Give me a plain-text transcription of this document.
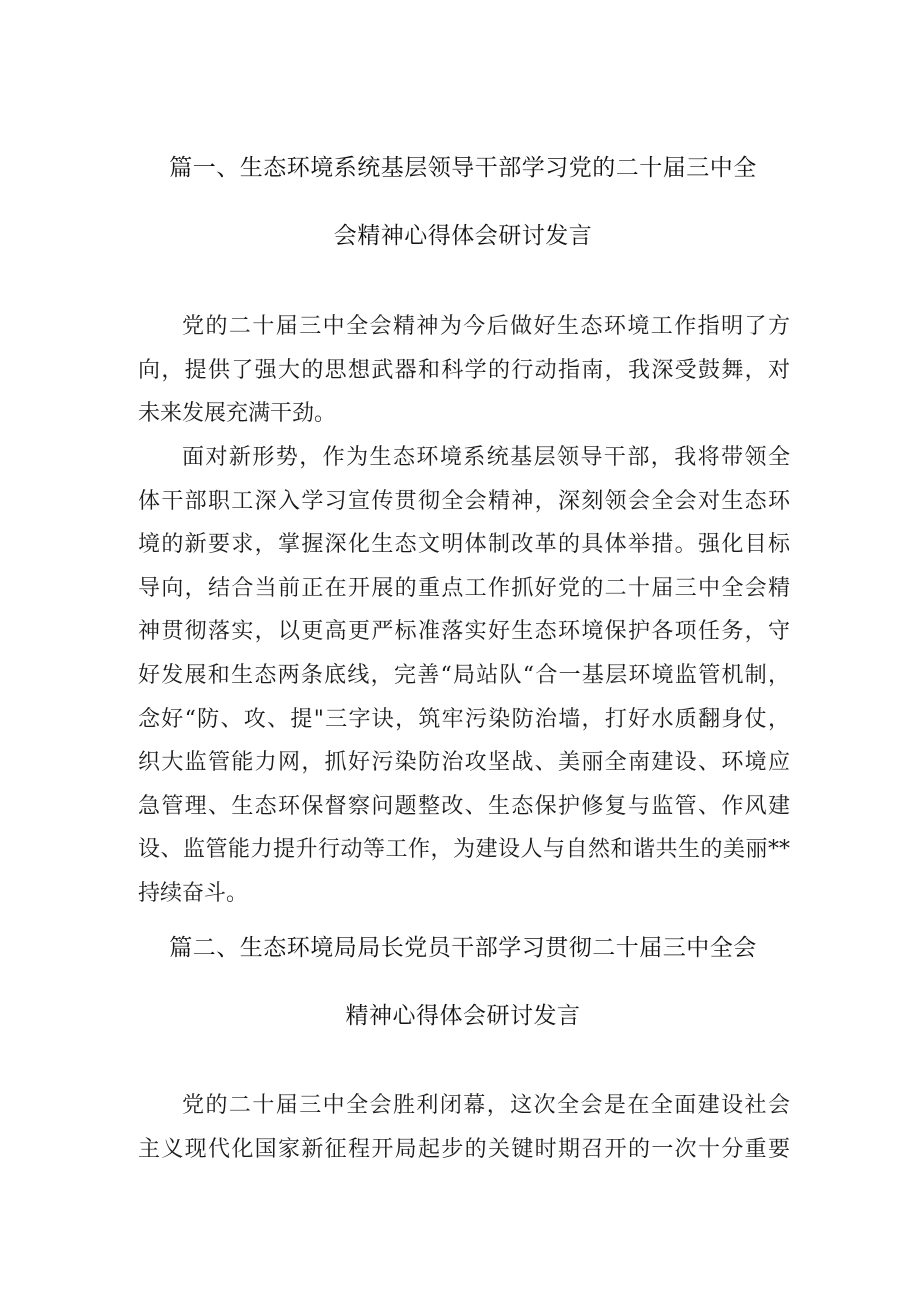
篇一、生态环境系统基层领导干部学习党的二十届三中全
会精神心得体会研讨发言
党的二十届三中全会精神为今后做好生态环境工作指明了方
向，提供了强大的思想武器和科学的行动指南，我深受鼓舞，对
未来发展充满干劲。
面对新形势，作为生态环境系统基层领导干部，我将带领全
体干部职工深入学习宣传贯彻全会精神，深刻领会全会对生态环
境的新要求，掌握深化生态文明体制改革的具体举措。强化目标
导向，结合当前正在开展的重点工作抓好党的二十届三中全会精
神贯彻落实，以更高更严标准落实好生态环境保护各项任务，守
好发展和生态两条底线，完善“局站队“合一基层环境监管机制，
念好“防、攻、提"三字诀，筑牢污染防治墙，打好水质翻身仗，
织大监管能力网，抓好污染防治攻坚战、美丽全南建设、环境应
急管理、生态环保督察问题整改、生态保护修复与监管、作风建
设、监管能力提升行动等工作，为建设人与自然和谐共生的美丽**
持续奋斗。
篇二、生态环境局局长党员干部学习贯彻二十届三中全会
精神心得体会研讨发言
党的二十届三中全会胜利闭幕，这次全会是在全面建设社会
主义现代化国家新征程开局起步的关键时期召开的一次十分重要
